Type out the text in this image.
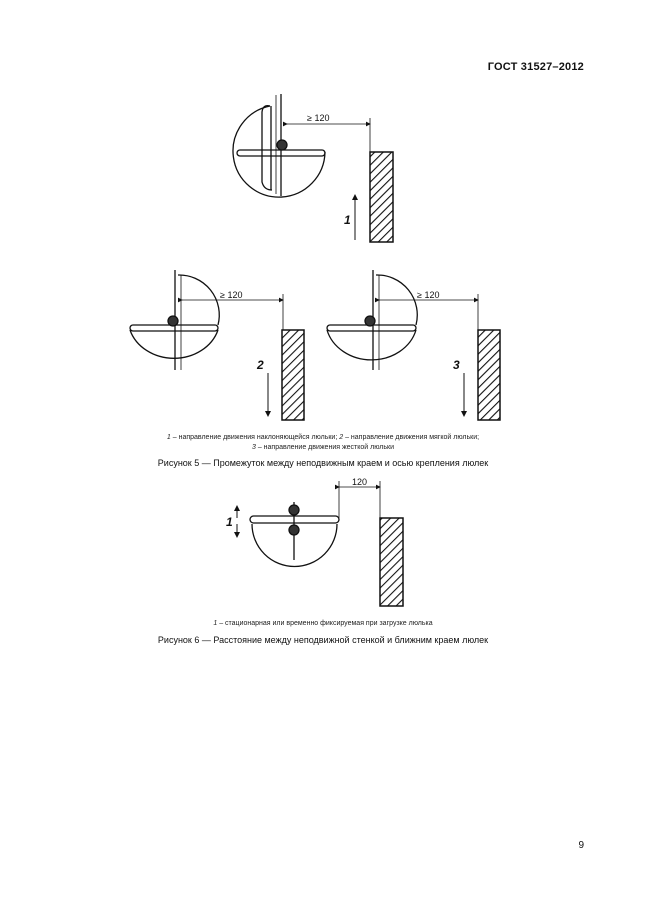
ГОСТ 31527–2012
≥ 120
1
≥ 120
2
≥ 120
3
120
1
1 – направление движения наклоняющейся люльки; 2 – направление движения мягкой люльки;
3 – направление движения жесткой люльки
Рисунок 5 — Промежуток между неподвижным краем и осью крепления люлек
1 – стационарная или временно фиксируемая при загрузке люлька
Рисунок 6 — Расстояние между неподвижной стенкой и ближним краем люлек
9
